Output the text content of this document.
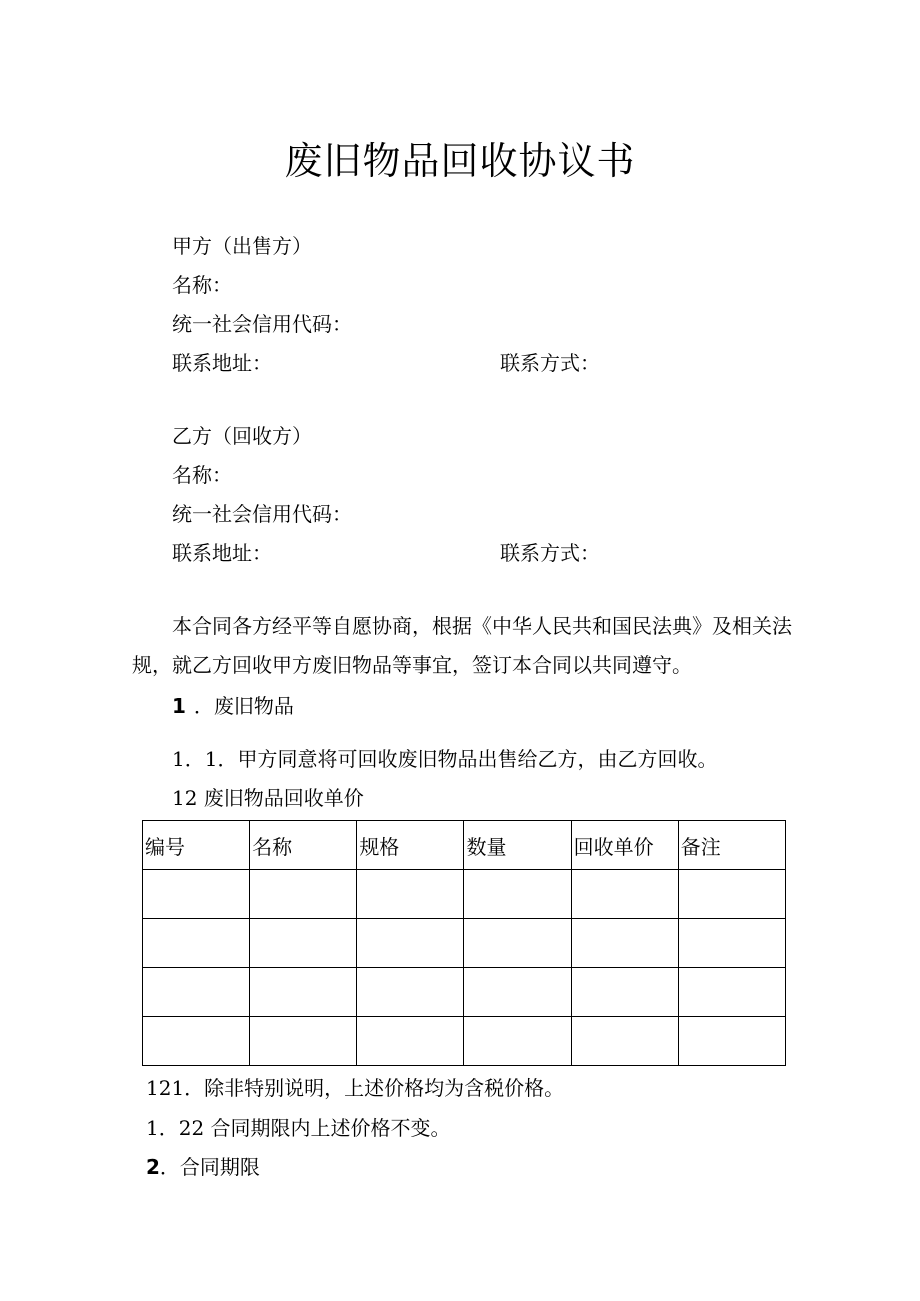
废旧物品回收协议书
甲方（出售方）
名称：
统一社会信用代码：
联系地址：	联系方式：
乙方（回收方）
名称：
统一社会信用代码：
联系地址：	联系方式：
本合同各方经平等自愿协商，根据《中华人民共和国民法典》及相关法
规，就乙方回收甲方废旧物品等事宜，签订本合同以共同遵守。
1 ．废旧物品
1．1．甲方同意将可回收废旧物品出售给乙方，由乙方回收。
12 废旧物品回收单价
编号	名称	规格	数量	回收单价	备注

121．除非特别说明，上述价格均为含税价格。
1．22 合同期限内上述价格不变。
2．合同期限
